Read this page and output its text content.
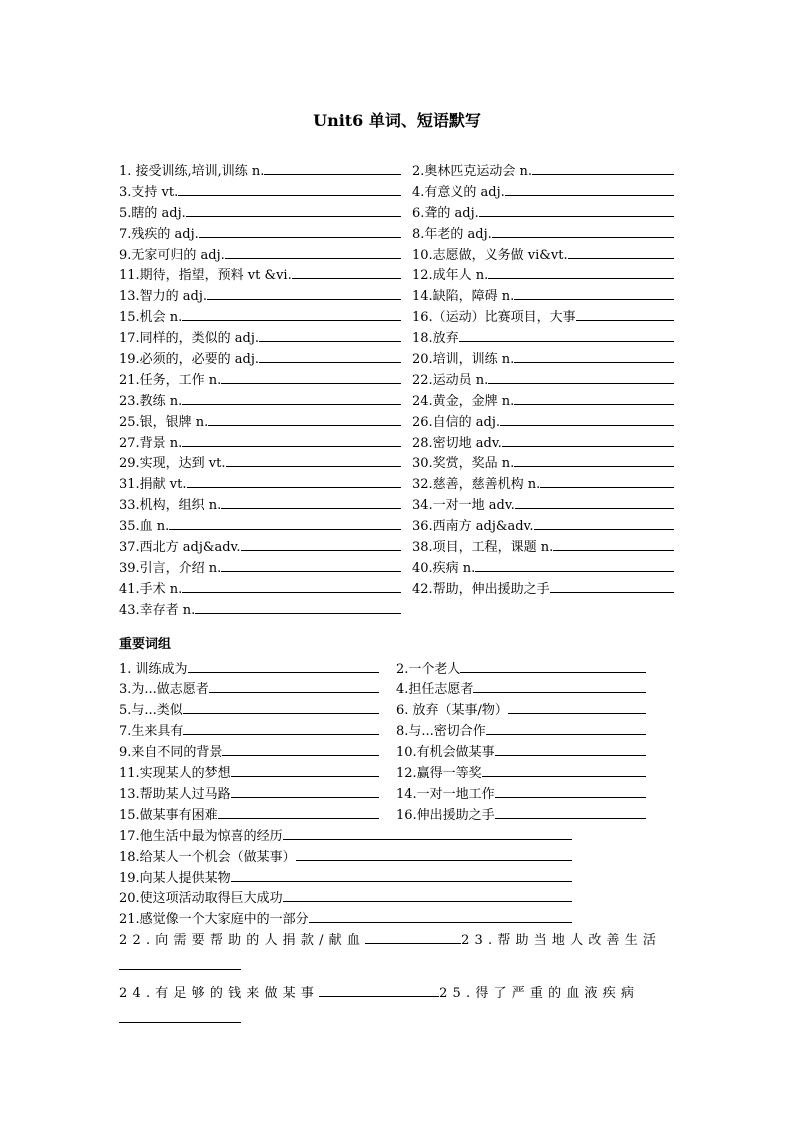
Unit6 单词、短语默写
1. 接受训练,培训,训练 n.	2.奥林匹克运动会 n.
3.支持 vt.	4.有意义的 adj.
5.瞎的 adj.	6.聋的 adj.
7.残疾的 adj.	8.年老的 adj.
9.无家可归的 adj.	10.志愿做，义务做 vi&vt.
11.期待，指望，预料 vt &vi.	12.成年人 n.
13.智力的 adj.	14.缺陷，障碍 n.
15.机会 n.	16.（运动）比赛项目，大事
17.同样的，类似的 adj.	18.放弃
19.必须的，必要的 adj.	20.培训，训练 n.
21.任务，工作 n.	22.运动员 n.
23.教练 n.	24.黄金，金牌 n.
25.银，银牌 n.	26.自信的 adj.
27.背景 n.	28.密切地 adv.
29.实现，达到 vt.	30.奖赏，奖品 n.
31.捐献 vt.	32.慈善，慈善机构 n.
33.机构，组织 n.	34.一对一地 adv.
35.血 n.	36.西南方 adj&adv.
37.西北方 adj&adv.	38.项目，工程，课题 n.
39.引言，介绍 n.	40.疾病 n.
41.手术 n.	42.帮助，伸出援助之手
43.幸存者 n.
重要词组
1. 训练成为	2.一个老人
3.为...做志愿者	4.担任志愿者
5.与...类似	6. 放弃（某事/物）
7.生来具有	8.与...密切合作
9.来自不同的背景	10.有机会做某事
11.实现某人的梦想	12.赢得一等奖
13.帮助某人过马路	14.一对一地工作
15.做某事有困难	16.伸出援助之手
17.他生活中最为惊喜的经历
18.给某人一个机会（做某事）
19.向某人提供某物
20.使这项活动取得巨大成功
21.感觉像一个大家庭中的一部分
22.向需要帮助的人捐款/献血	23.帮助当地人改善生活
24.有足够的钱来做某事	25.得了严重的血液疾病
